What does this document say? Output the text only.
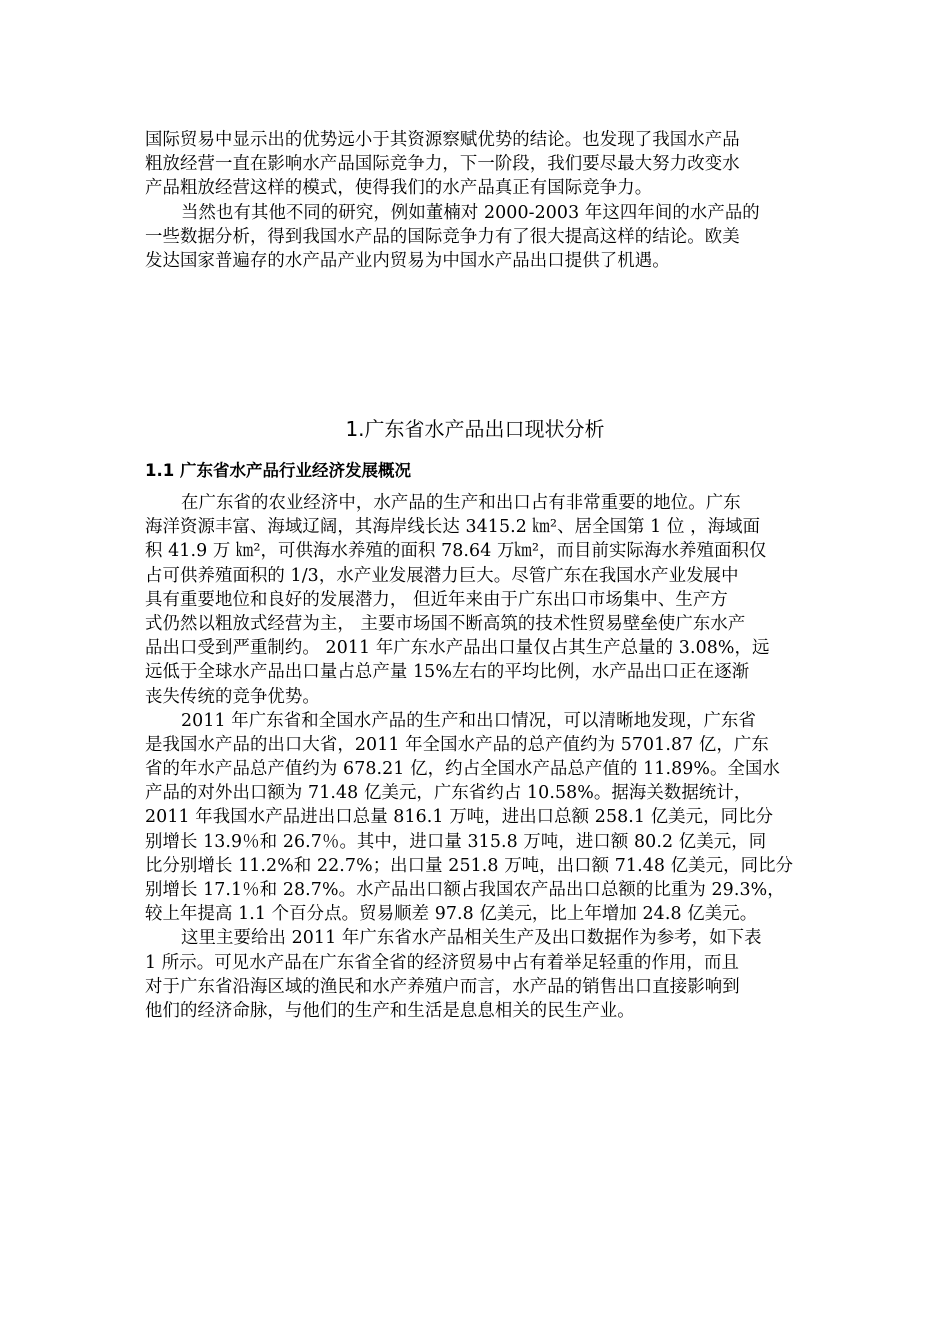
国际贸易中显示出的优势远小于其资源察赋优势的结论。也发现了我国水产品
粗放经营一直在影响水产品国际竞争力，下一阶段，我们要尽最大努力改变水
产品粗放经营这样的模式，使得我们的水产品真正有国际竞争力。

当然也有其他不同的研究，例如董楠对 2000-2003 年这四年间的水产品的
一些数据分析，得到我国水产品的国际竞争力有了很大提高这样的结论。欧美
发达国家普遍存的水产品产业内贸易为中国水产品出口提供了机遇。

1.广东省水产品出口现状分析
1.1 广东省水产品行业经济发展概况

在广东省的农业经济中，水产品的生产和出口占有非常重要的地位。广东
海洋资源丰富、海域辽阔，其海岸线长达 3415.2 ㎞²、居全国第 1 位 ，海域面
积 41.9 万 ㎞²，可供海水养殖的面积 78.64 万㎞²，而目前实际海水养殖面积仅
占可供养殖面积的 1/3，水产业发展潜力巨大。尽管广东在我国水产业发展中
具有重要地位和良好的发展潜力， 但近年来由于广东出口市场集中、生产方
式仍然以粗放式经营为主， 主要市场国不断高筑的技术性贸易壁垒使广东水产
品出口受到严重制约。 2011 年广东水产品出口量仅占其生产总量的 3.08%，远
远低于全球水产品出口量占总产量 15%左右的平均比例，水产品出口正在逐渐
丧失传统的竞争优势。

2011 年广东省和全国水产品的生产和出口情况，可以清晰地发现，广东省
是我国水产品的出口大省，2011 年全国水产品的总产值约为 5701.87 亿，广东
省的年水产品总产值约为 678.21 亿，约占全国水产品总产值的 11.89%。全国水
产品的对外出口额为 71.48 亿美元，广东省约占 10.58%。据海关数据统计，
2011 年我国水产品进出口总量 816.1 万吨，进出口总额 258.1 亿美元，同比分
别增长 13.9％和 26.7％。其中，进口量 315.8 万吨，进口额 80.2 亿美元，同
比分别增长 11.2%和 22.7%；出口量 251.8 万吨，出口额 71.48 亿美元，同比分
别增长 17.1％和 28.7%。水产品出口额占我国农产品出口总额的比重为 29.3%，
较上年提高 1.1 个百分点。贸易顺差 97.8 亿美元，比上年增加 24.8 亿美元。

这里主要给出 2011 年广东省水产品相关生产及出口数据作为参考，如下表
1 所示。可见水产品在广东省全省的经济贸易中占有着举足轻重的作用，而且
对于广东省沿海区域的渔民和水产养殖户而言，水产品的销售出口直接影响到
他们的经济命脉，与他们的生产和生活是息息相关的民生产业。
